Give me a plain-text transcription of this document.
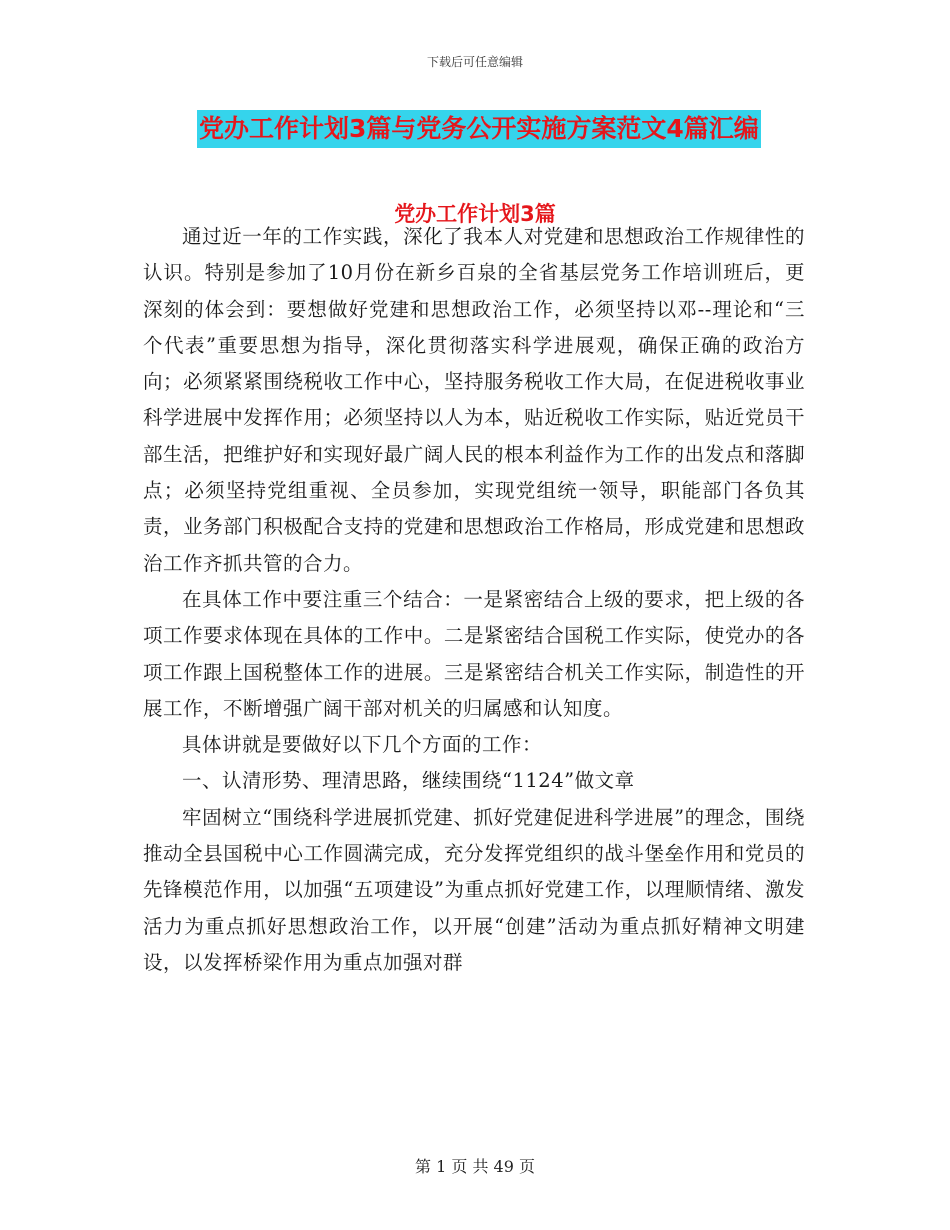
下载后可任意编辑
党办工作计划3篇与党务公开实施方案范文4篇汇编
党办工作计划3篇

通过近一年的工作实践，深化了我本人对党建和思想政治工作规律性的认识。特别是参加了10月份在新乡百泉的全省基层党务工作培训班后，更深刻的体会到：要想做好党建和思想政治工作，必须坚持以邓--理论和“三个代表”重要思想为指导，深化贯彻落实科学进展观，确保正确的政治方向；必须紧紧围绕税收工作中心，坚持服务税收工作大局，在促进税收事业科学进展中发挥作用；必须坚持以人为本，贴近税收工作实际，贴近党员干部生活，把维护好和实现好最广阔人民的根本利益作为工作的出发点和落脚点；必须坚持党组重视、全员参加，实现党组统一领导，职能部门各负其责，业务部门积极配合支持的党建和思想政治工作格局，形成党建和思想政治工作齐抓共管的合力。

在具体工作中要注重三个结合：一是紧密结合上级的要求，把上级的各项工作要求体现在具体的工作中。二是紧密结合国税工作实际，使党办的各项工作跟上国税整体工作的进展。三是紧密结合机关工作实际，制造性的开展工作，不断增强广阔干部对机关的归属感和认知度。

具体讲就是要做好以下几个方面的工作：

一、认清形势、理清思路，继续围绕“1124”做文章

牢固树立“围绕科学进展抓党建、抓好党建促进科学进展”的理念，围绕推动全县国税中心工作圆满完成，充分发挥党组织的战斗堡垒作用和党员的先锋模范作用，以加强“五项建设”为重点抓好党建工作，以理顺情绪、激发活力为重点抓好思想政治工作，以开展“创建”活动为重点抓好精神文明建设，以发挥桥梁作用为重点加强对群

第 1 页 共 49 页
